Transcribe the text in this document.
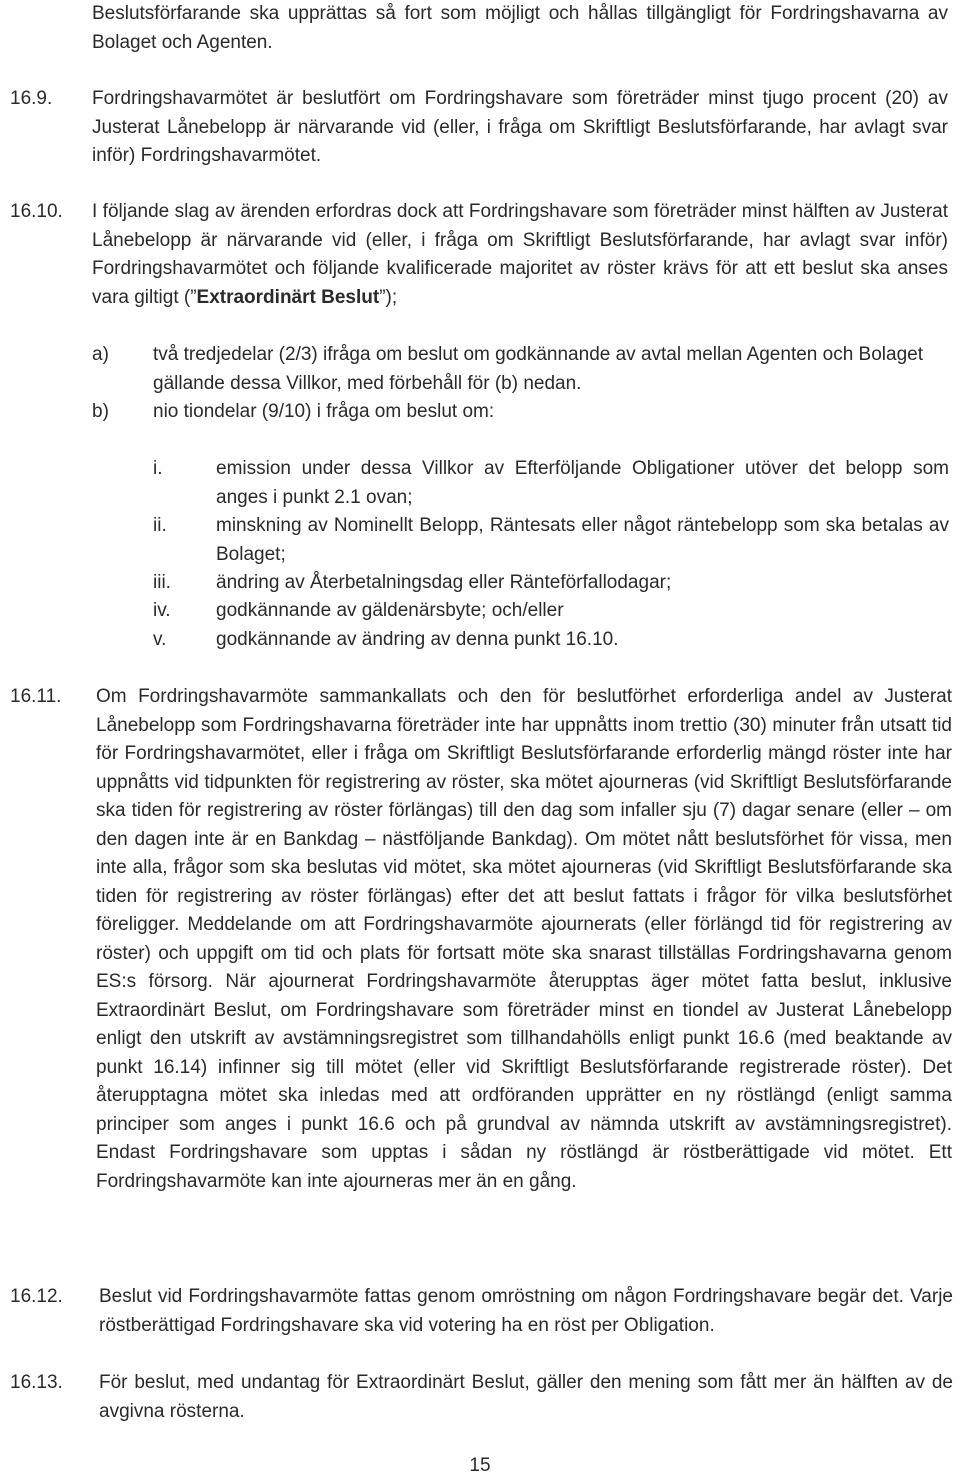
Beslutsförfarande ska upprättas så fort som möjligt och hållas tillgängligt för Fordringshavarna av Bolaget och Agenten.
16.9. Fordringshavarmötet är beslutfört om Fordringshavare som företräder minst tjugo procent (20) av Justerat Lånebelopp är närvarande vid (eller, i fråga om Skriftligt Beslutsförfarande, har avlagt svar inför) Fordringshavarmötet.
16.10. I följande slag av ärenden erfordras dock att Fordringshavare som företräder minst hälften av Justerat Lånebelopp är närvarande vid (eller, i fråga om Skriftligt Beslutsförfarande, har avlagt svar inför) Fordringshavarmötet och följande kvalificerade majoritet av röster krävs för att ett beslut ska anses vara giltigt (”Extraordinärt Beslut”);
a) två tredjedelar (2/3) ifråga om beslut om godkännande av avtal mellan Agenten och Bolaget gällande dessa Villkor, med förbehåll för (b) nedan.
b) nio tiondelar (9/10) i fråga om beslut om:
i.	emission under dessa Villkor av Efterföljande Obligationer utöver det belopp som anges i punkt 2.1 ovan;
ii.	minskning av Nominellt Belopp, Räntesats eller något räntebelopp som ska betalas av Bolaget;
iii. ändring av Återbetalningsdag eller Ränteförfallodagar;
iv. godkännande av gäldenärsbyte; och/eller
v.	godkännande av ändring av denna punkt 16.10.
16.11. Om Fordringshavarmöte sammankallats och den för beslutförhet erforderliga andel av Justerat Lånebelopp som Fordringshavarna företräder inte har uppnåtts inom trettio (30) minuter från utsatt tid för Fordringshavarmötet, eller i fråga om Skriftligt Beslutsförfarande erforderlig mängd röster inte har uppnåtts vid tidpunkten för registrering av röster, ska mötet ajourneras (vid Skriftligt Beslutsförfarande ska tiden för registrering av röster förlängas) till den dag som infaller sju (7) dagar senare (eller – om den dagen inte är en Bankdag – nästföljande Bankdag). Om mötet nått beslutsförhet för vissa, men inte alla, frågor som ska beslutas vid mötet, ska mötet ajourneras (vid Skriftligt Beslutsförfarande ska tiden för registrering av röster förlängas) efter det att beslut fattats i frågor för vilka beslutsförhet föreligger. Meddelande om att Fordringshavarmöte ajournerats (eller förlängd tid för registrering av röster) och uppgift om tid och plats för fortsatt möte ska snarast tillställas Fordringshavarna genom ES:s försorg. När ajournerat Fordringshavarmöte återupptas äger mötet fatta beslut, inklusive Extraordinärt Beslut, om Fordringshavare som företräder minst en tiondel av Justerat Lånebelopp enligt den utskrift av avstämningsregistret som tillhandahölls enligt punkt 16.6 (med beaktande av punkt 16.14) infinner sig till mötet (eller vid Skriftligt Beslutsförfarande registrerade röster). Det återupptagna mötet ska inledas med att ordföranden upprätter en ny röstlängd (enligt samma principer som anges i punkt 16.6 och på grundval av nämnda utskrift av avstämningsregistret). Endast Fordringshavare som upptas i sådan ny röstlängd är röstberättigade vid mötet. Ett Fordringshavarmöte kan inte ajourneras mer än en gång.
16.12. Beslut vid Fordringshavarmöte fattas genom omröstning om någon Fordringshavare begär det. Varje röstberättigad Fordringshavare ska vid votering ha en röst per Obligation.
16.13. För beslut, med undantag för Extraordinärt Beslut, gäller den mening som fått mer än hälften av de avgivna rösterna.
15
